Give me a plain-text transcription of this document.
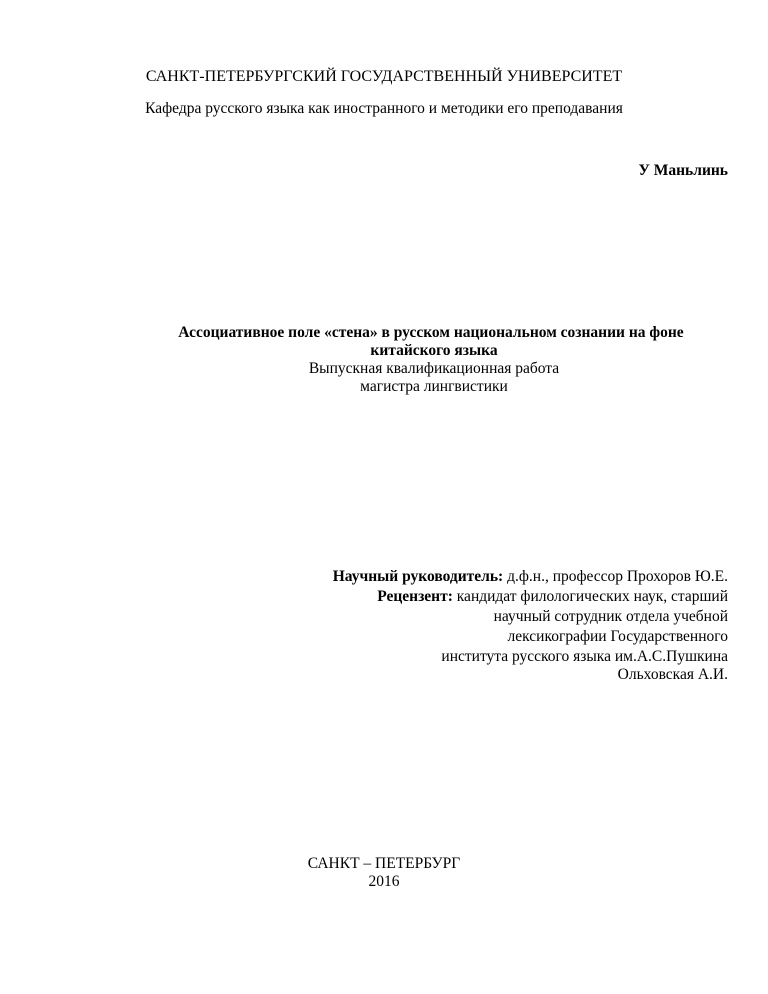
САНКТ-ПЕТЕРБУРГСКИЙ ГОСУДАРСТВЕННЫЙ УНИВЕРСИТЕТ
Кафедра русского языка как иностранного и методики его преподавания
У Маньлинь
Ассоциативное поле «стена» в русском национальном сознании на фоне
китайского языка
Выпускная квалификационная работа
магистра лингвистики
Научный руководитель: д.ф.н., профессор Прохоров Ю.Е.
Рецензент: кандидат филологических наук, старший
научный сотрудник отдела учебной
лексикографии Государственного
института русского языка им.А.С.Пушкина
Ольховская А.И.
САНКТ – ПЕТЕРБУРГ
2016
